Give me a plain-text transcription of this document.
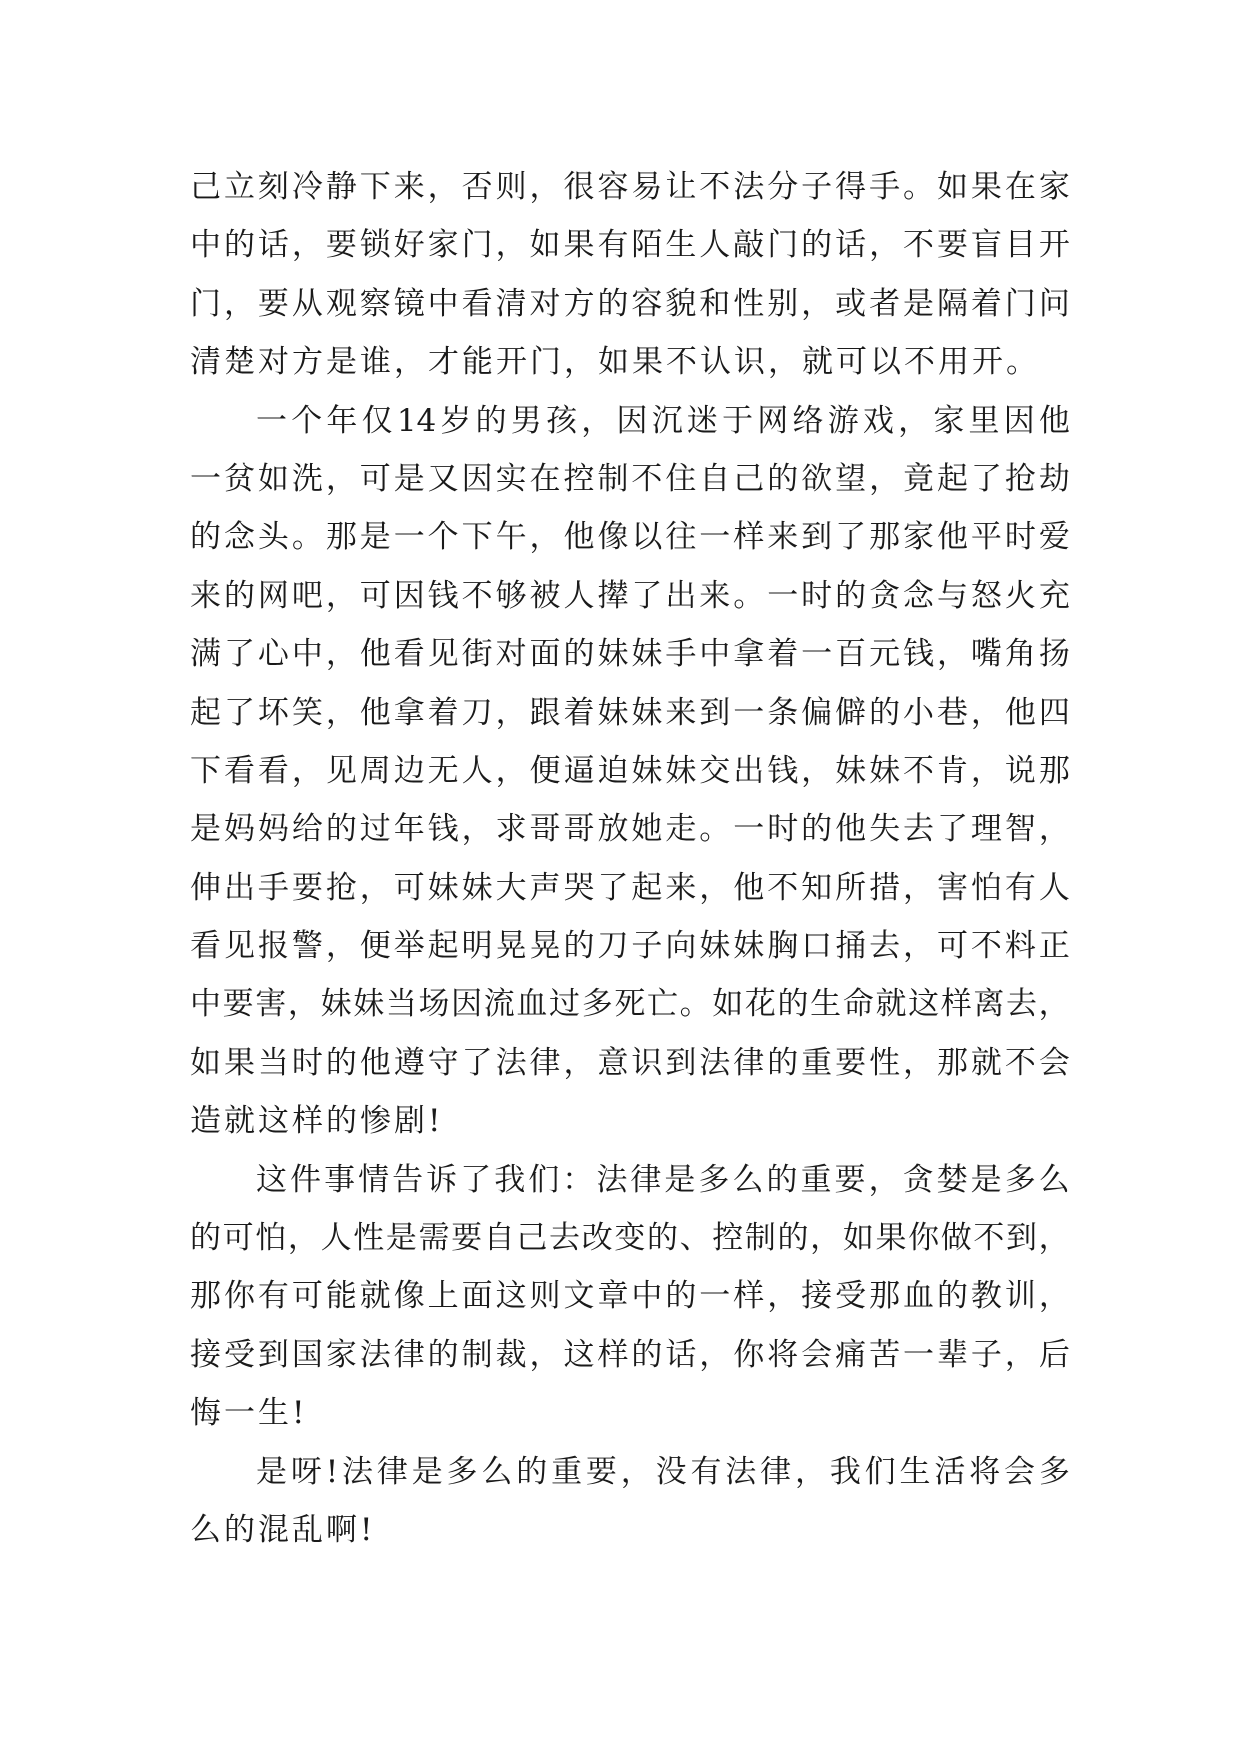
己 立 刻 冷 静 下 来 ， 否 则 ， 很 容 易 让 不 法 分 子 得 手 。 如 果 在 家
中 的 话 ， 要 锁 好 家 门 ， 如 果 有 陌 生 人 敲 门 的 话 ， 不 要 盲 目 开
门 ， 要 从 观 察 镜 中 看 清 对 方 的 容 貌 和 性 别 ， 或 者 是 隔 着 门 问
清 楚 对 方 是 谁 ， 才 能 开 门 ， 如 果 不 认 识 ， 就 可 以 不 用 开 。
一 个 年 仅 14 岁 的 男 孩 ， 因 沉 迷 于 网 络 游 戏 ， 家 里 因 他
一 贫 如 洗 ， 可 是 又 因 实 在 控 制 不 住 自 己 的 欲 望 ， 竟 起 了 抢 劫
的 念 头 。 那 是 一 个 下 午 ， 他 像 以 往 一 样 来 到 了 那 家 他 平 时 爱
来 的 网 吧 ， 可 因 钱 不 够 被 人 撵 了 出 来 。 一 时 的 贪 念 与 怒 火 充
满 了 心 中 ， 他 看 见 街 对 面 的 妹 妹 手 中 拿 着 一 百 元 钱 ， 嘴 角 扬
起 了 坏 笑 ， 他 拿 着 刀 ， 跟 着 妹 妹 来 到 一 条 偏 僻 的 小 巷 ， 他 四
下 看 看 ， 见 周 边 无 人 ， 便 逼 迫 妹 妹 交 出 钱 ， 妹 妹 不 肯 ， 说 那
是 妈 妈 给 的 过 年 钱 ， 求 哥 哥 放 她 走 。 一 时 的 他 失 去 了 理 智 ，
伸 出 手 要 抢 ， 可 妹 妹 大 声 哭 了 起 来 ， 他 不 知 所 措 ， 害 怕 有 人
看 见 报 警 ， 便 举 起 明 晃 晃 的 刀 子 向 妹 妹 胸 口 捅 去 ， 可 不 料 正
中 要 害 ， 妹 妹 当 场 因 流 血 过 多 死 亡 。 如 花 的 生 命 就 这 样 离 去 ，
如 果 当 时 的 他 遵 守 了 法 律 ， 意 识 到 法 律 的 重 要 性 ， 那 就 不 会
造 就 这 样 的 惨 剧 !
这 件 事 情 告 诉 了 我 们 ： 法 律 是 多 么 的 重 要 ， 贪 婪 是 多 么
的 可 怕 ， 人 性 是 需 要 自 己 去 改 变 的 、 控 制 的 ， 如 果 你 做 不 到 ，
那 你 有 可 能 就 像 上 面 这 则 文 章 中 的 一 样 ， 接 受 那 血 的 教 训 ，
接 受 到 国 家 法 律 的 制 裁 ， 这 样 的 话 ， 你 将 会 痛 苦 一 辈 子 ， 后
悔 一 生 !
是 呀 ! 法 律 是 多 么 的 重 要 ， 没 有 法 律 ， 我 们 生 活 将 会 多
么 的 混 乱 啊 !
